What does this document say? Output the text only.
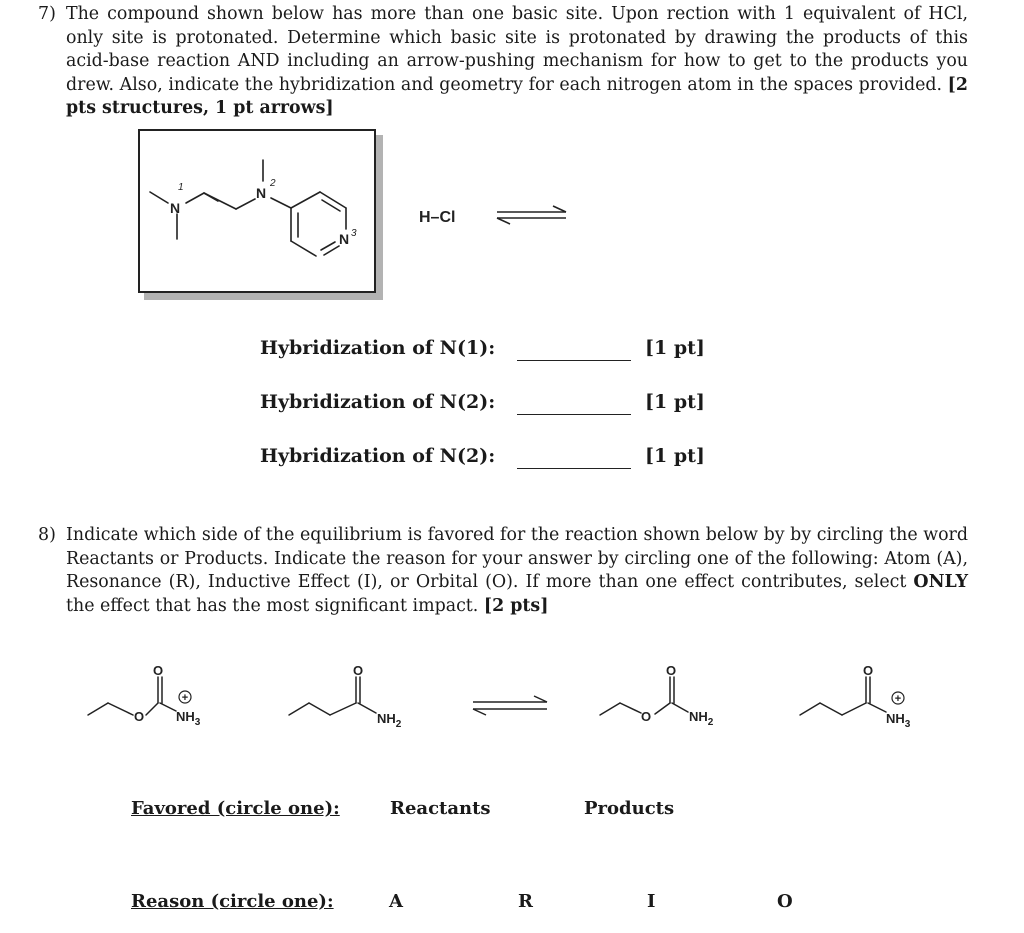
7) The compound shown below has more than one basic site. Upon rection with 1 equivalent of HCl, only site is protonated. Determine which basic site is protonated by drawing the products of this acid-base reaction AND including an arrow-pushing mechanism for how to get to the products you drew. Also, indicate the hybridization and geometry for each nitrogen atom in the spaces provided. [2 pts structures, 1 pt arrows]
N
1	N
2
N 3
H–Cl
Hybridization of N(1):	[1 pt]
Hybridization of N(2):	[1 pt]
Hybridization of N(2):	[1 pt]
8) Indicate which side of the equilibrium is favored for the reaction shown below by by circling the word Reactants or Products. Indicate the reason for your answer by circling one of the following: Atom (A), Resonance (R), Inductive Effect (I), or Orbital (O). If more than one effect contributes, select ONLY the effect that has the most significant impact. [2 pts]
O
O $NH_3$
+
O
$NH_2$
O
O	$NH_2$
O
$NH_3$
+
Favored (circle one):	Reactants	Products
Reason (circle one):	A	R	I	O
